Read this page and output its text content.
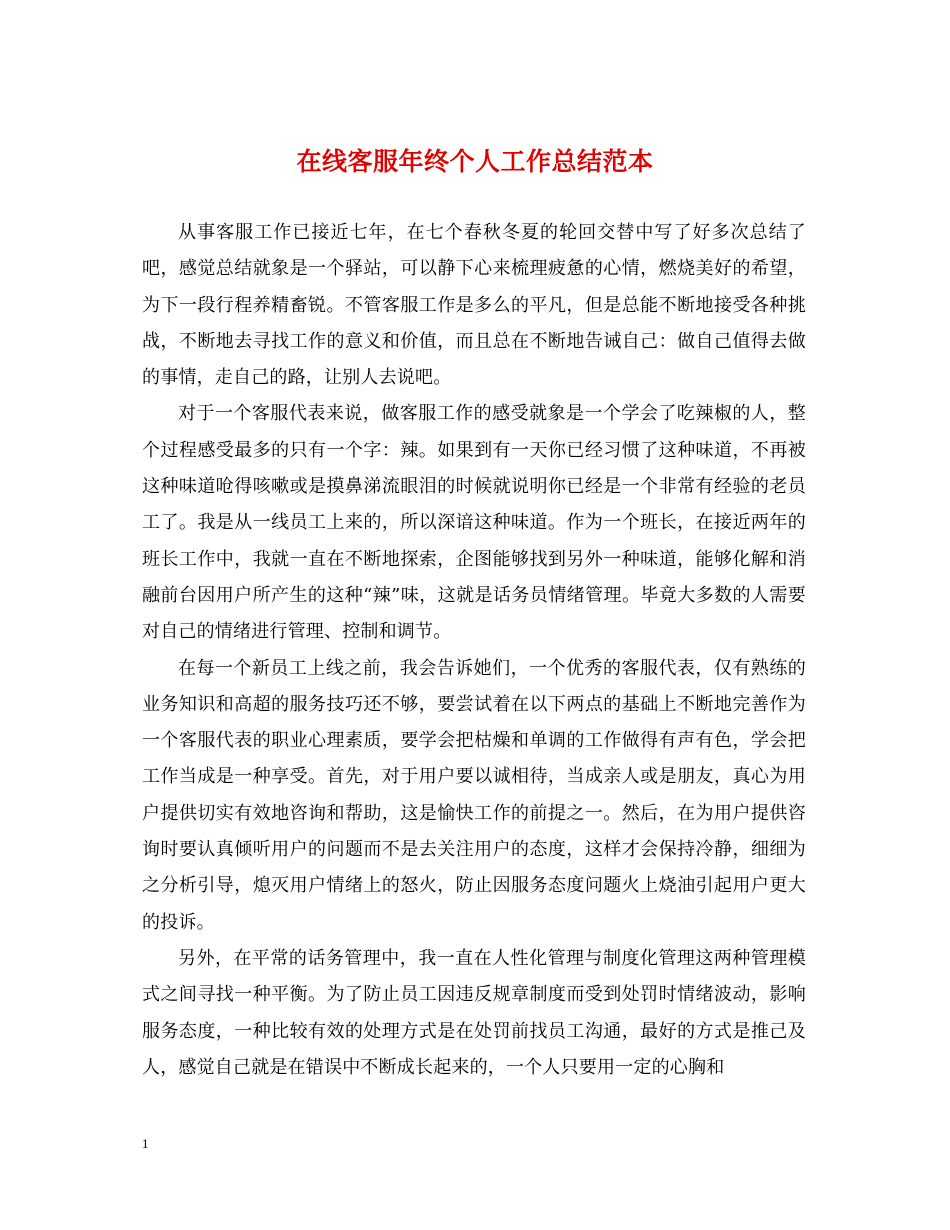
在线客服年终个人工作总结范本

从事客服工作已接近七年，在七个春秋冬夏的轮回交替中写了好多次总结了吧，感觉总结就象是一个驿站，可以静下心来梳理疲惫的心情，燃烧美好的希望，为下一段行程养精畜锐。不管客服工作是多么的平凡，但是总能不断地接受各种挑战，不断地去寻找工作的意义和价值，而且总在不断地告诫自己：做自己值得去做的事情，走自己的路，让别人去说吧。

对于一个客服代表来说，做客服工作的感受就象是一个学会了吃辣椒的人，整个过程感受最多的只有一个字：辣。如果到有一天你已经习惯了这种味道，不再被这种味道呛得咳嗽或是摸鼻涕流眼泪的时候就说明你已经是一个非常有经验的老员工了。我是从一线员工上来的，所以深谙这种味道。作为一个班长，在接近两年的班长工作中，我就一直在不断地探索，企图能够找到另外一种味道，能够化解和消融前台因用户所产生的这种“辣”味，这就是话务员情绪管理。毕竟大多数的人需要对自己的情绪进行管理、控制和调节。

在每一个新员工上线之前，我会告诉她们，一个优秀的客服代表，仅有熟练的业务知识和高超的服务技巧还不够，要尝试着在以下两点的基础上不断地完善作为一个客服代表的职业心理素质，要学会把枯燥和单调的工作做得有声有色，学会把工作当成是一种享受。首先，对于用户要以诚相待，当成亲人或是朋友，真心为用户提供切实有效地咨询和帮助，这是愉快工作的前提之一。然后，在为用户提供咨询时要认真倾听用户的问题而不是去关注用户的态度，这样才会保持冷静，细细为之分析引导，熄灭用户情绪上的怒火，防止因服务态度问题火上烧油引起用户更大的投诉。

另外，在平常的话务管理中，我一直在人性化管理与制度化管理这两种管理模式之间寻找一种平衡。为了防止员工因违反规章制度而受到处罚时情绪波动，影响服务态度，一种比较有效的处理方式是在处罚前找员工沟通，最好的方式是推己及人，感觉自己就是在错误中不断成长起来的，一个人只要用一定的心胸和

1
